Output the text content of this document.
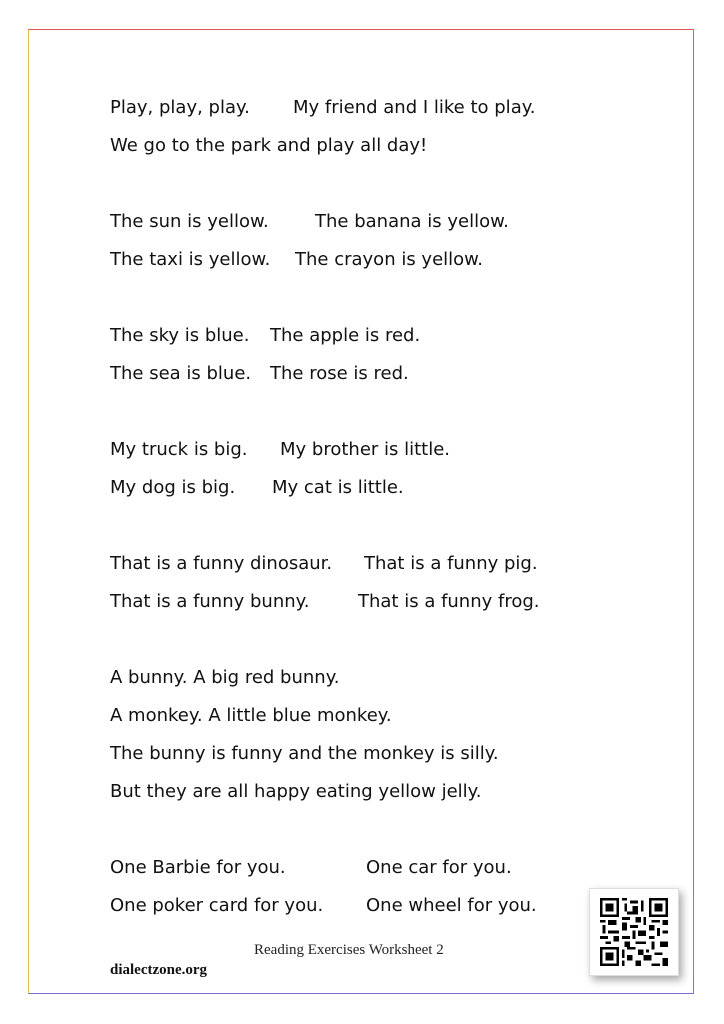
Play, play, play. My friend and I like to play.
We go to the park and play all day!
The sun is yellow.	The banana is yellow.
The taxi is yellow. The crayon is yellow.
The sky is blue. The apple is red.
The sea is blue. The rose is red.
My truck is big. My brother is little.
My dog is big. My cat is little.
That is a funny dinosaur. That is a funny pig.
That is a funny bunny.	That is a funny frog.
A bunny. A big red bunny.
A monkey. A little blue monkey.
The bunny is funny and the monkey is silly.
But they are all happy eating yellow jelly.
One Barbie for you.	One car for you.
One poker card for you. One wheel for you.
Reading Exercises Worksheet 2
dialectzone.org
